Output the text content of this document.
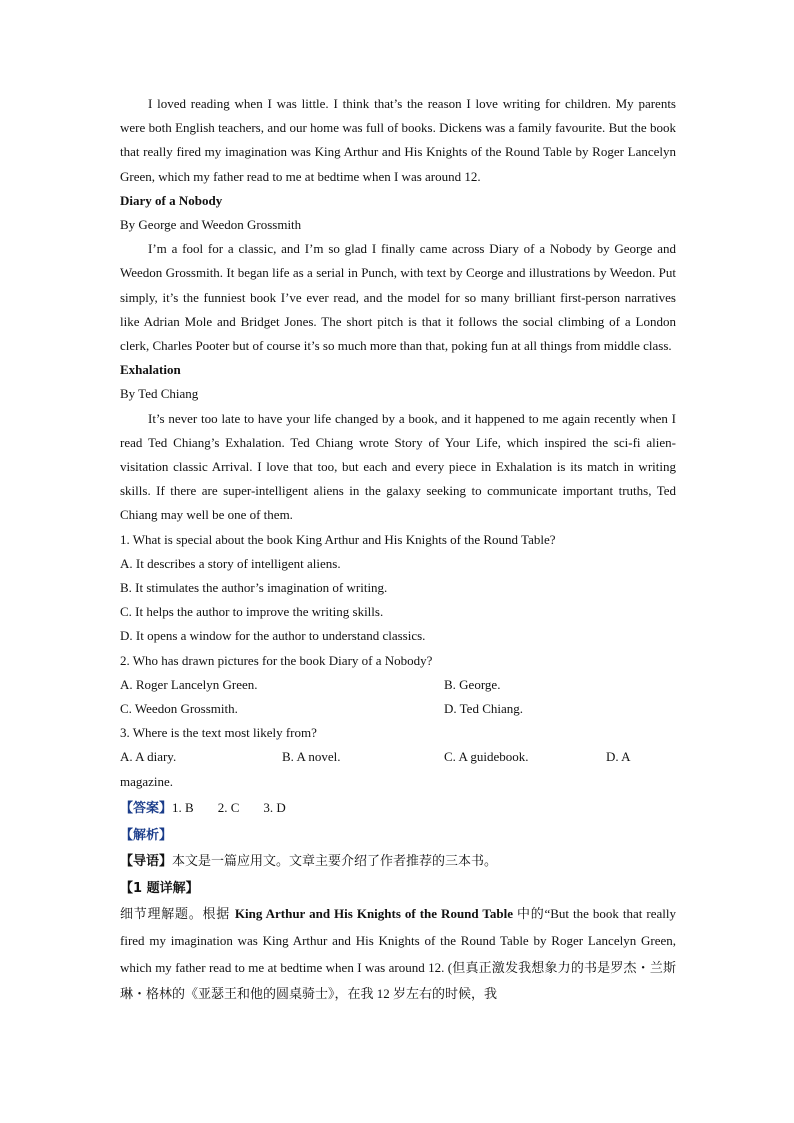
I loved reading when I was little. I think that’s the reason I love writing for children. My parents were both English teachers, and our home was full of books. Dickens was a family favourite. But the book that really fired my imagination was King Arthur and His Knights of the Round Table by Roger Lancelyn Green, which my father read to me at bedtime when I was around 12.

Diary of a Nobody

By George and Weedon Grossmith

I’m a fool for a classic, and I’m so glad I finally came across Diary of a Nobody by George and Weedon Grossmith. It began life as a serial in Punch, with text by Ceorge and illustrations by Weedon. Put simply, it’s the funniest book I’ve ever read, and the model for so many brilliant first-person narratives like Adrian Mole and Bridget Jones. The short pitch is that it follows the social climbing of a London clerk, Charles Pooter but of course it’s so much more than that, poking fun at all things from middle class.

Exhalation

By Ted Chiang

It’s never too late to have your life changed by a book, and it happened to me again recently when I read Ted Chiang’s Exhalation. Ted Chiang wrote Story of Your Life, which inspired the sci-fi alien-visitation classic Arrival. I love that too, but each and every piece in Exhalation is its match in writing skills. If there are super-intelligent aliens in the galaxy seeking to communicate important truths, Ted Chiang may well be one of them.

1. What is special about the book King Arthur and His Knights of the Round Table?

A. It describes a story of intelligent aliens.

B. It stimulates the author’s imagination of writing.

C. It helps the author to improve the writing skills.

D. It opens a window for the author to understand classics.

2. Who has drawn pictures for the book Diary of a Nobody?

A. Roger Lancelyn Green.	B. George.
C. Weedon Grossmith.	D. Ted Chiang.

3. Where is the text most likely from?

A. A diary.	B. A novel.	C. A guidebook.	D. A

magazine.

【答案】1. B 2. C 3. D

【解析】

【导语】本文是一篇应用文。文章主要介绍了作者推荐的三本书。

【1 题详解】

细节理解题。根据 King Arthur and His Knights of the Round Table 中的“But the book that really fired my imagination was King Arthur and His Knights of the Round Table by Roger Lancelyn Green, which my father read to me at bedtime when I was around 12. (但真正激发我想象力的书是罗杰・兰斯琳・格林的《亚瑟王和他的圆桌骑士》，在我 12 岁左右的时候，我
